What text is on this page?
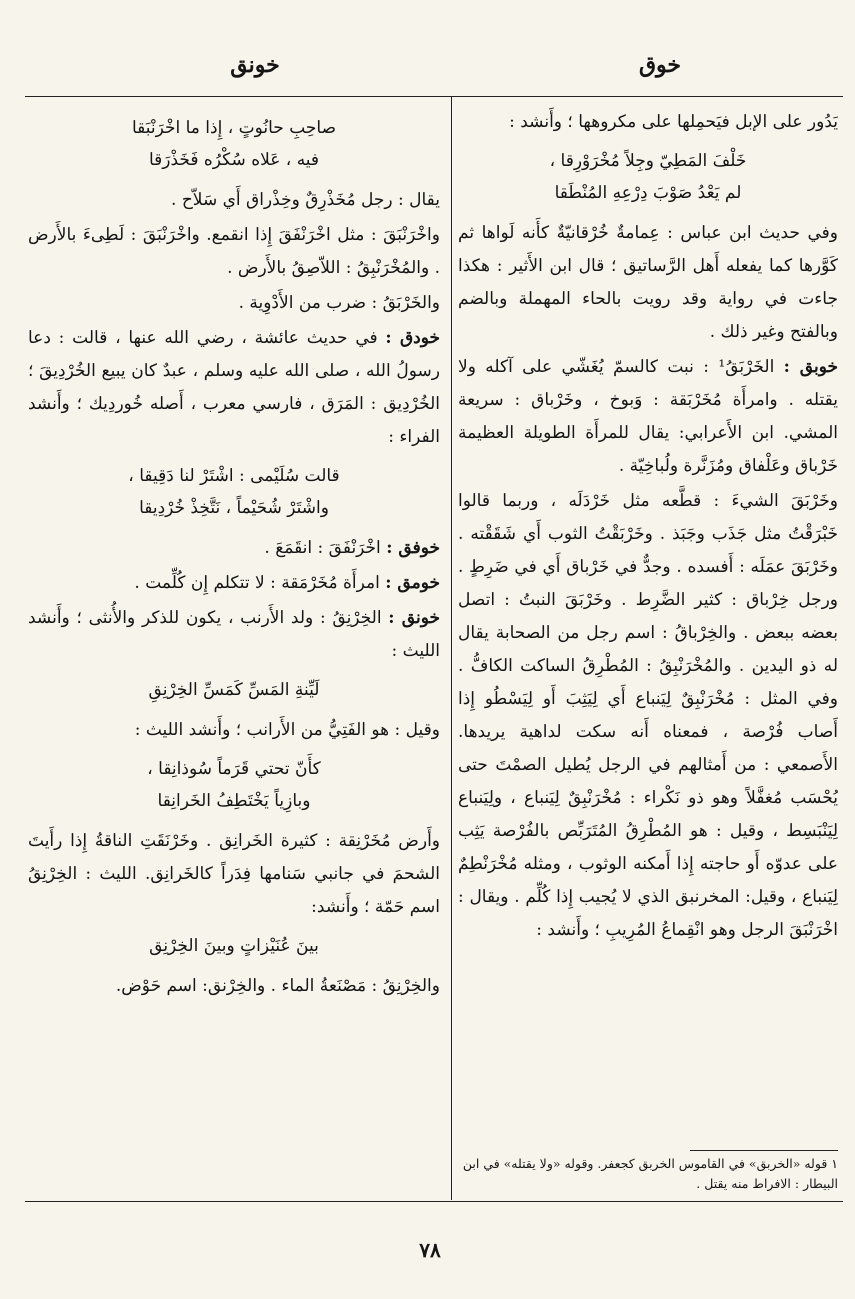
خوق
خونق

يَدُور على الإبل فيَحمِلها على مكروهها ؛ وأَنشد :

خَلْفَ المَطِيّ وجِلاً مُخْرَوْرِقا ،
لم يَعْدُ صَوْبَ دِرْعِهِ المُنْطَقا

وفي حديث ابن عباس : عِمامةٌ خُرْقانيّةٌ كأَنه لَواها ثم كَوَّرها كما يفعله أَهل الرَّساتيق ؛ قال ابن الأَثير : هكذا جاءت في رواية وقد رويت بالحاء المهملة وبالضم وبالفتح وغير ذلك .

خوبق : الخَرْبَقُ¹ : نبت كالسمّ يُغَشّي على آكله ولا يقتله . وامرأَة مُخَرْبَقة : وَبوخ ، وخَرْباق : سريعة المشي. ابن الأَعرابي: يقال للمرأَة الطويلة العظيمة خَرْباق وعَلْفاق ومُزَنَّرة ولُباخِيّة .

وخَرْبَقَ الشيءَ : قطَّعه مثل خَرْدَلَه ، وربما قالوا خَبْرَقْتُ مثل جَذَب وجَبَذ . وخَرْبَقْتُ الثوب أَي شَقَقْته . وخَرْبَقَ عمَلَه : أَفسده . وجدٌّ في خَرْباق أَي في ضَرِطٍ . ورجل خِرْباق : كثير الضَّرِط . وخَرْبَقَ النبتُ : اتصل بعضه ببعض . والخِرْباقُ : اسم رجل من الصحابة يقال له ذو اليدين . والمُخْرَنْبِقُ : المُطْرِقُ الساكت الكافُّ . وفي المثل : مُخْرَنْبِقٌ لِيَنباع أَي لِيَثِبَ أَو لِيَسْطُو إِذا أَصاب فُرْصة ، فمعناه أَنه سكت لداهية يريدها. الأَصمعي : من أَمثالهم في الرجل يُطيل الصمْتَ حتى يُحْسَب مُغفَّلاً وهو ذو نَكْراء : مُخْرَنْبِقٌ لِيَنباع ، ولِيَنباع لِيَنْبَسِط ، وقيل : هو المُطْرِقُ المُتَرَبِّص بالفُرْصة يَثِب على عدوّه أَو حاجته إِذا أَمكنه الوثوب ، ومثله مُخْرَنْطِمٌ لِيَنباع ، وقيل: المخرنبق الذي لا يُجيب إِذا كُلِّم . ويقال : اخْرَنْبَقَ الرجل وهو انْقِماعُ المُرِيبِ ؛ وأَنشد :

١ قوله «الخربق» في القاموس الخربق كجعفر. وقوله «ولا يقتله» في ابن البيطار : الافراط منه يقتل .
صاحِبِ حانُوتٍ ، إِذا ما اخْرَنْبَقا
فيه ، عَلاه سُكْرُه فَخَذْرَقا

يقال : رجل مُخَذْرِقٌ وخِذْراق أَي سَلاّح .

واخْرَنْبَقَ : مثل اخْرَنْفَقَ إِذا انقمع. واخْرَنْبَقَ : لَطِىءَ بالأَرض . والمُخْرَنْبِقُ : اللاّصِقُ بالأَرض .

والخَرْبَقُ : ضرب من الأَدْوِية .

خودق : في حديث عائشة ، رضي الله عنها ، قالت : دعا رسولُ الله ، صلى الله عليه وسلم ، عبدٌ كان يبيع الخُرْدِيقَ ؛ الخُرْدِيق : المَرَق ، فارسي معرب ، أَصله خُوردِيك ؛ وأَنشد الفراء :

قالت سُلَيْمى : اشْتَرْ لنا دَقِيقا ،
واشْتَرْ شُحَيْماً ، نَتَّخِذْ خُرْدِيقا

خوفق : اخْرَنْفَقَ : انقَمَعَ .

خومق : امرأَة مُخَرْمَقة : لا تتكلم إِن كُلِّمت .

خونق : الخِرْنِقُ : ولد الأَرنب ، يكون للذكر والأُنثى ؛ وأَنشد الليث :

لَيِّنةِ المَسِّ كَمَسِّ الخِرْنِقِ

وقيل : هو الفَتِيُّ من الأَرانب ؛ وأَنشد الليث :

كأَنّ تحتي قَرَماً سُوذانِقا ،
وبازِياً يَخْتَطِفُ الخَرانِقا

وأَرض مُخَرْنِقة : كثيرة الخَرانِق . وخَرْنَقَتِ الناقةُ إِذا رأَيتَ الشحمَ في جانبي سَنامها فِدَراً كالخَرانِق. الليث : الخِرْنِقُ اسم حَمّة ؛ وأَنشد:

بينَ عُنَيْزاتٍ وبينَ الخِرْنِق

والخِرْنِقُ : مَصْنَعةُ الماء . والخِرْنق: اسم حَوْض.

٧٨
